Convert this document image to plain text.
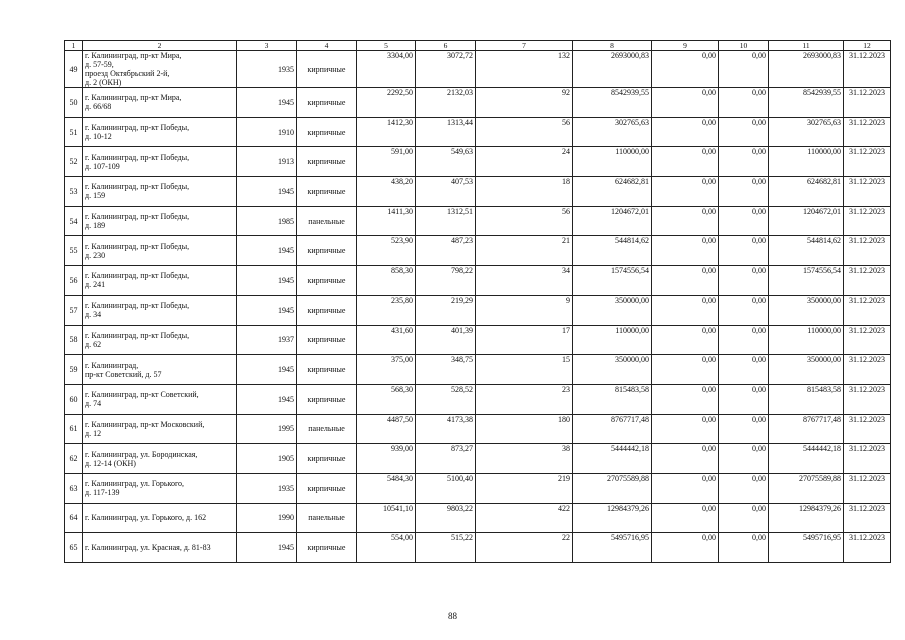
1	2	3	4	5	6	7	8	9	10	11	12
49	г. Калининград, пр-кт Мира,
д. 57-59,
проезд Октябрьский 2-й,
д. 2 (ОКН)	1935	кирпичные	3304,00	3072,72	132	2693000,83	0,00	0,00	2693000,83	31.12.2023
50	г. Калининград, пр-кт Мира,
д. 66/68	1945	кирпичные	2292,50	2132,03	92	8542939,55	0,00	0,00	8542939,55	31.12.2023
51	г. Калининград, пр-кт Победы,
д. 10-12	1910	кирпичные	1412,30	1313,44	56	302765,63	0,00	0,00	302765,63	31.12.2023
52	г. Калининград, пр-кт Победы,
д. 107-109	1913	кирпичные	591,00	549,63	24	110000,00	0,00	0,00	110000,00	31.12.2023
53	г. Калининград, пр-кт Победы,
д. 159	1945	кирпичные	438,20	407,53	18	624682,81	0,00	0,00	624682,81	31.12.2023
54	г. Калининград, пр-кт Победы,
д. 189	1985	панельные	1411,30	1312,51	56	1204672,01	0,00	0,00	1204672,01	31.12.2023
55	г. Калининград, пр-кт Победы,
д. 230	1945	кирпичные	523,90	487,23	21	544814,62	0,00	0,00	544814,62	31.12.2023
56	г. Калининград, пр-кт Победы,
д. 241	1945	кирпичные	858,30	798,22	34	1574556,54	0,00	0,00	1574556,54	31.12.2023
57	г. Калининград, пр-кт Победы,
д. 34	1945	кирпичные	235,80	219,29	9	350000,00	0,00	0,00	350000,00	31.12.2023
58	г. Калининград, пр-кт Победы,
д. 62	1937	кирпичные	431,60	401,39	17	110000,00	0,00	0,00	110000,00	31.12.2023
59	г. Калининград,
пр-кт Советский, д. 57	1945	кирпичные	375,00	348,75	15	350000,00	0,00	0,00	350000,00	31.12.2023
60	г. Калининград, пр-кт Советский,
д. 74	1945	кирпичные	568,30	528,52	23	815483,58	0,00	0,00	815483,58	31.12.2023
61	г. Калининград, пр-кт Московский,
д. 12	1995	панельные	4487,50	4173,38	180	8767717,48	0,00	0,00	8767717,48	31.12.2023
62	г. Калининград, ул. Бородинская,
д. 12-14 (ОКН)	1905	кирпичные	939,00	873,27	38	5444442,18	0,00	0,00	5444442,18	31.12.2023
63	г. Калининград, ул. Горького,
д. 117-139	1935	кирпичные	5484,30	5100,40	219	27075589,88	0,00	0,00	27075589,88	31.12.2023
64	г. Калининград, ул. Горького, д. 162	1990	панельные	10541,10	9803,22	422	12984379,26	0,00	0,00	12984379,26	31.12.2023
65	г. Калининград, ул. Красная, д. 81-83	1945	кирпичные	554,00	515,22	22	5495716,95	0,00	0,00	5495716,95	31.12.2023
88
